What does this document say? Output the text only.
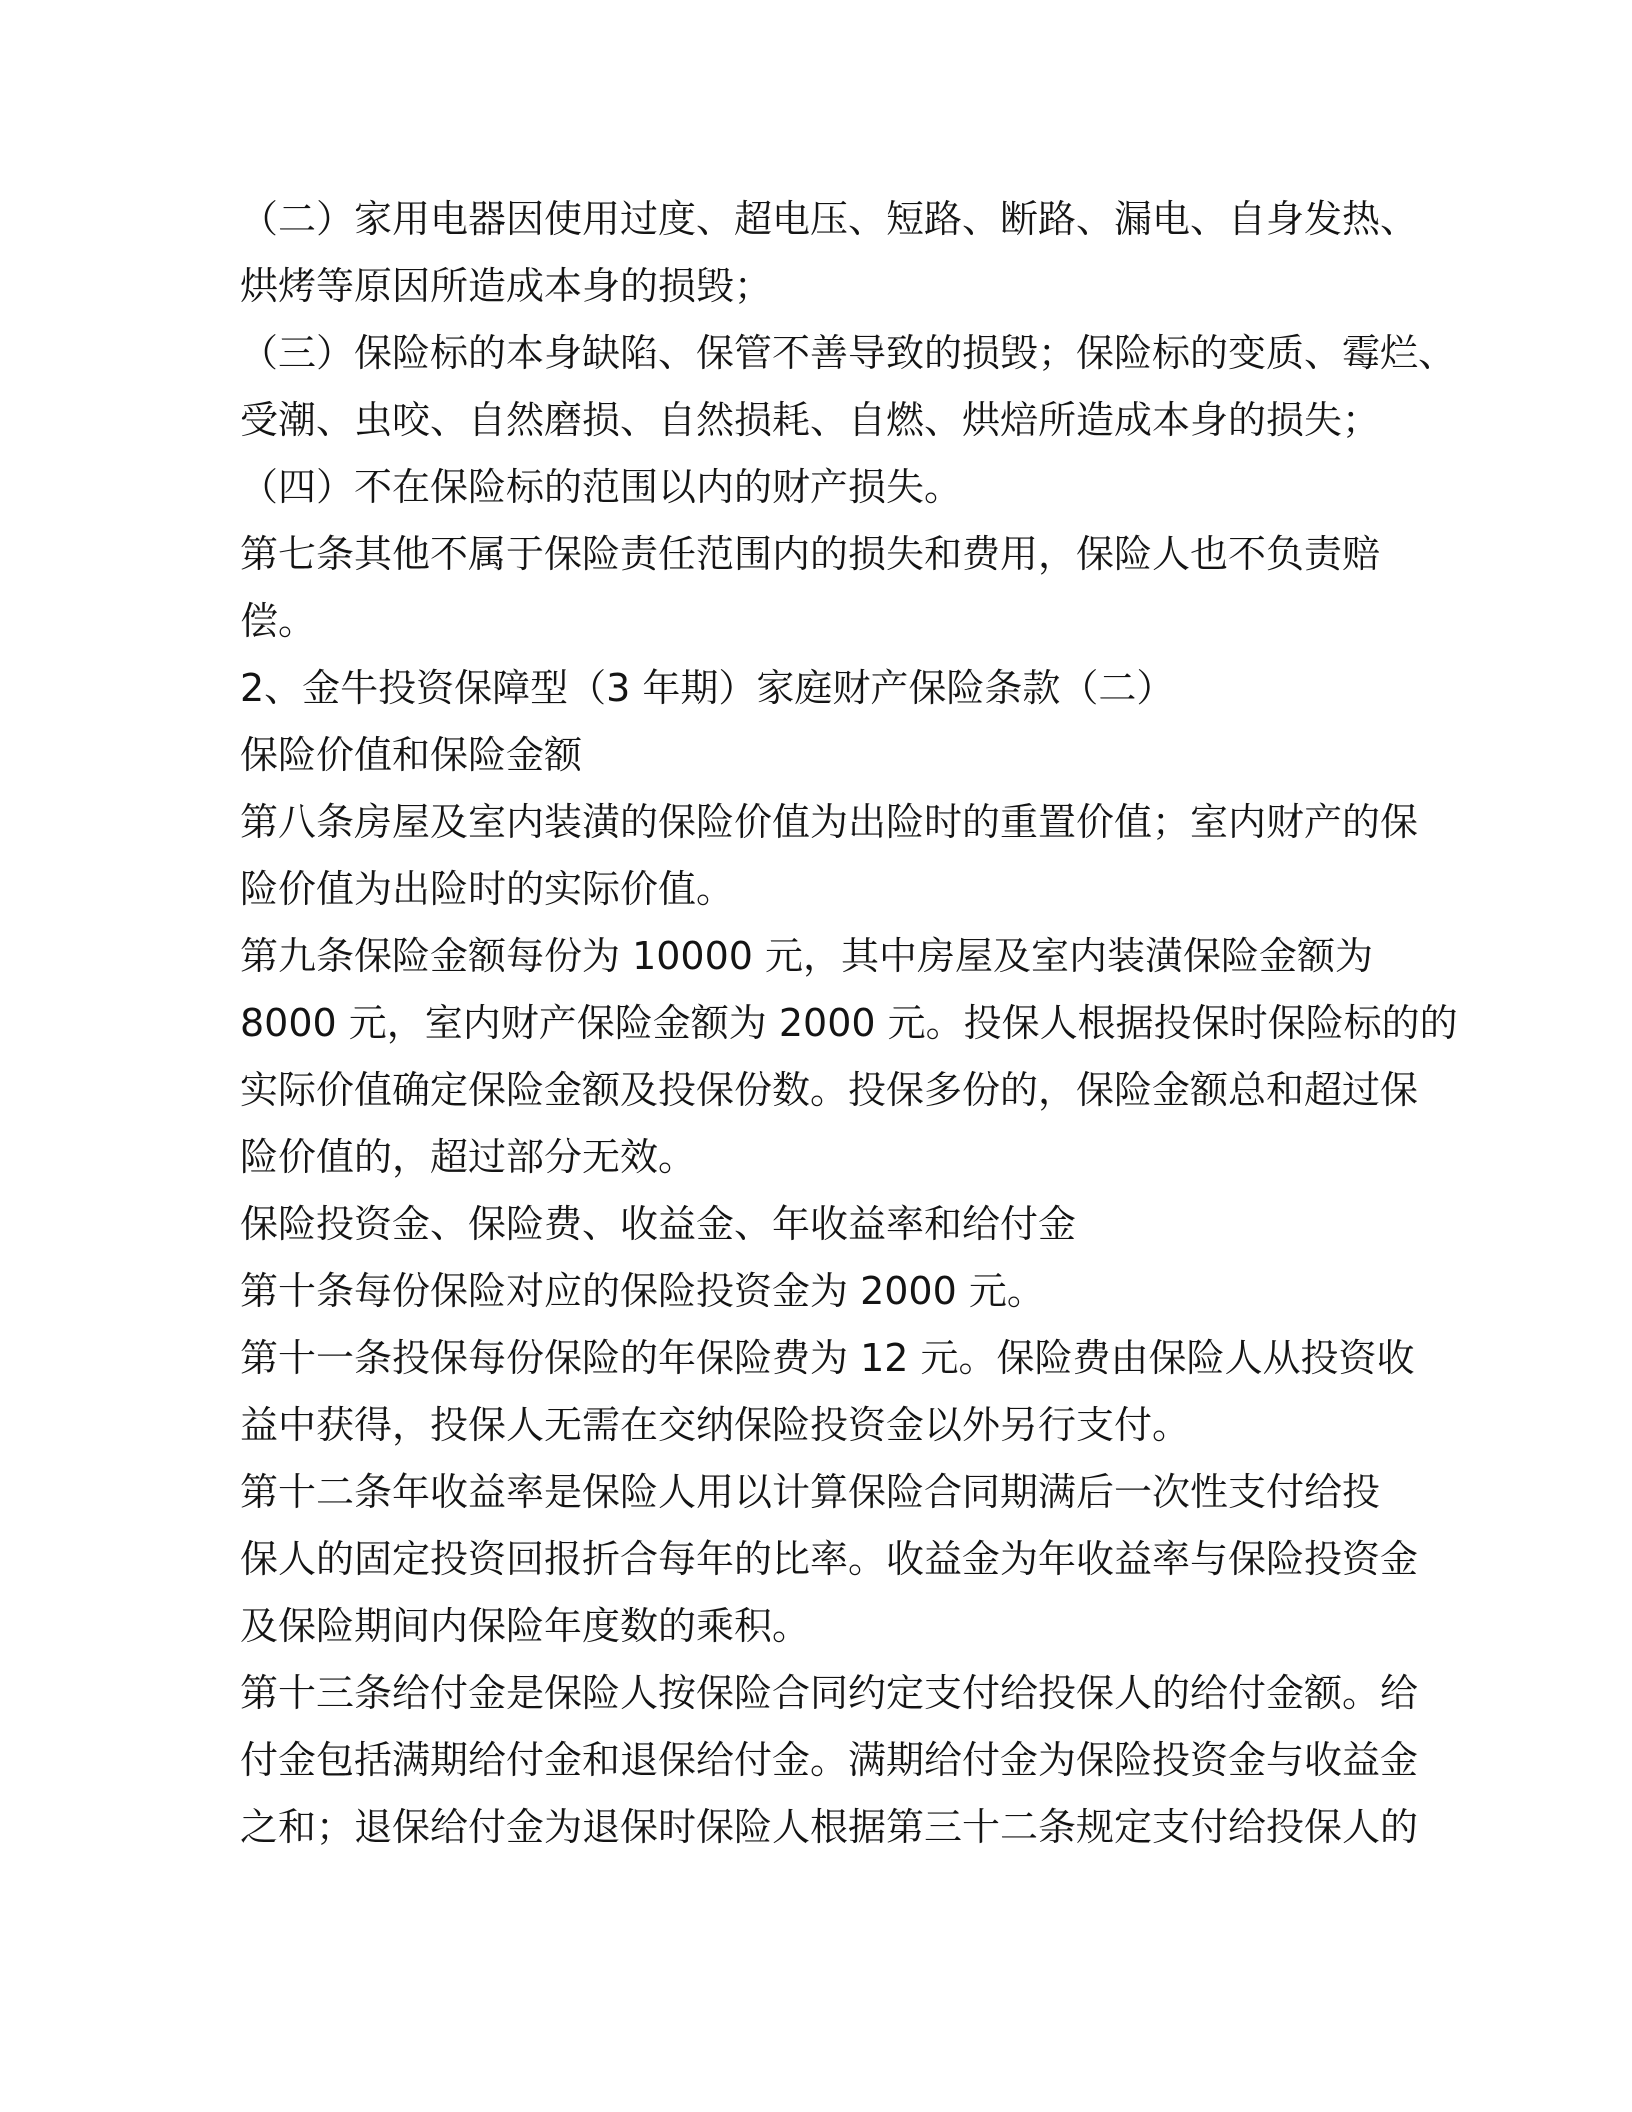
（二）家用电器因使用过度、超电压、短路、断路、漏电、自身发热、
烘烤等原因所造成本身的损毁；
（三）保险标的本身缺陷、保管不善导致的损毁；保险标的变质、霉烂、
受潮、虫咬、自然磨损、自然损耗、自燃、烘焙所造成本身的损失；
（四）不在保险标的范围以内的财产损失。
第七条其他不属于保险责任范围内的损失和费用，保险人也不负责赔
偿。
2、金牛投资保障型（3 年期）家庭财产保险条款（二）
保险价值和保险金额
第八条房屋及室内装潢的保险价值为出险时的重置价值；室内财产的保
险价值为出险时的实际价值。
第九条保险金额每份为 10000 元，其中房屋及室内装潢保险金额为
8000 元，室内财产保险金额为 2000 元。投保人根据投保时保险标的的
实际价值确定保险金额及投保份数。投保多份的，保险金额总和超过保
险价值的，超过部分无效。
保险投资金、保险费、收益金、年收益率和给付金
第十条每份保险对应的保险投资金为 2000 元。
第十一条投保每份保险的年保险费为 12 元。保险费由保险人从投资收
益中获得，投保人无需在交纳保险投资金以外另行支付。
第十二条年收益率是保险人用以计算保险合同期满后一次性支付给投
保人的固定投资回报折合每年的比率。收益金为年收益率与保险投资金
及保险期间内保险年度数的乘积。
第十三条给付金是保险人按保险合同约定支付给投保人的给付金额。给
付金包括满期给付金和退保给付金。满期给付金为保险投资金与收益金
之和；退保给付金为退保时保险人根据第三十二条规定支付给投保人的
